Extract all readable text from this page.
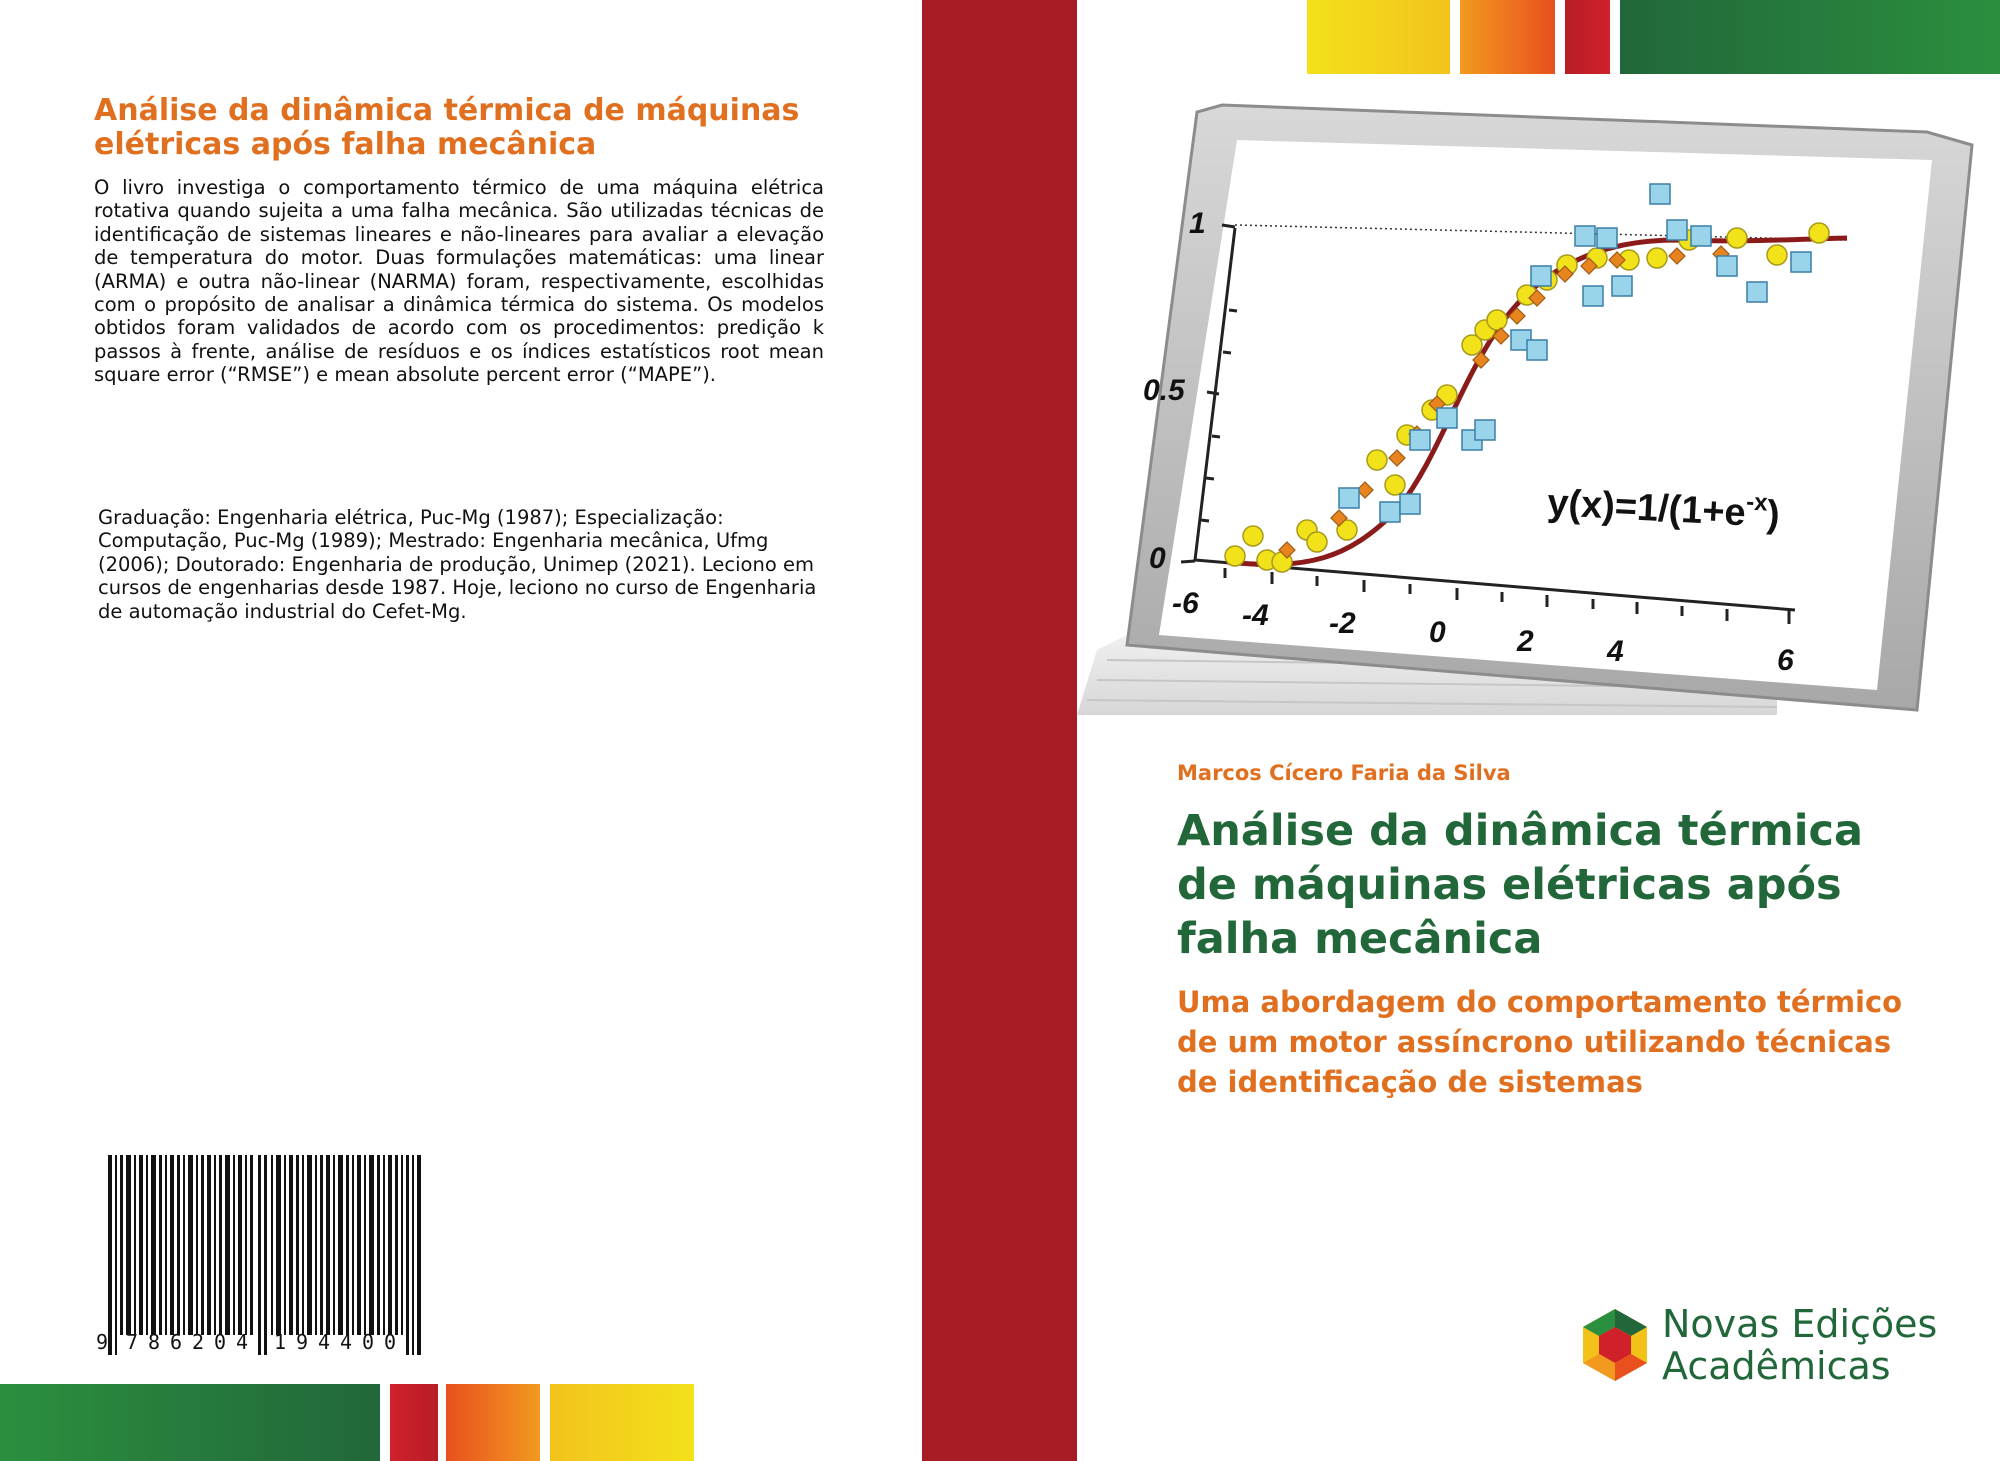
Análise da dinâmica térmica de máquinas elétricas após falha mecânica
O livro investiga o comportamento térmico de uma máquina elétrica rotativa quando sujeita a uma falha mecânica. São utilizadas técnicas de identificação de sistemas lineares e não-lineares para avaliar a elevação de temperatura do motor. Duas formulações matemáticas: uma linear (ARMA) e outra não-linear (NARMA) foram, respectivamente, escolhidas com o propósito de analisar a dinâmica térmica do sistema. Os modelos obtidos foram validados de acordo com os procedimentos: predição k passos à frente, análise de resíduos e os índices estatísticos root mean square error (“RMSE”) e mean absolute percent error (“MAPE”).
Graduação: Engenharia elétrica, Puc-Mg (1987); Especialização: Computação, Puc-Mg (1989); Mestrado: Engenharia mecânica, Ufmg (2006); Doutorado: Engenharia de produção, Unimep (2021). Leciono em cursos de engenharias desde 1987. Hoje, leciono no curso de Engenharia de automação industrial do Cefet-Mg.
9 7 8 6 2 0 4 1 9 4 4 0 0
1
0.5
0
-6 -4 -2 0 2 4	6
$y(x)=1/(1+e^{-x})$
Marcos Cícero Faria da Silva
Análise da dinâmica térmica de máquinas elétricas após falha mecânica
Uma abordagem do comportamento térmico de um motor assíncrono utilizando técnicas de identificação de sistemas
Novas Edições
Acadêmicas
